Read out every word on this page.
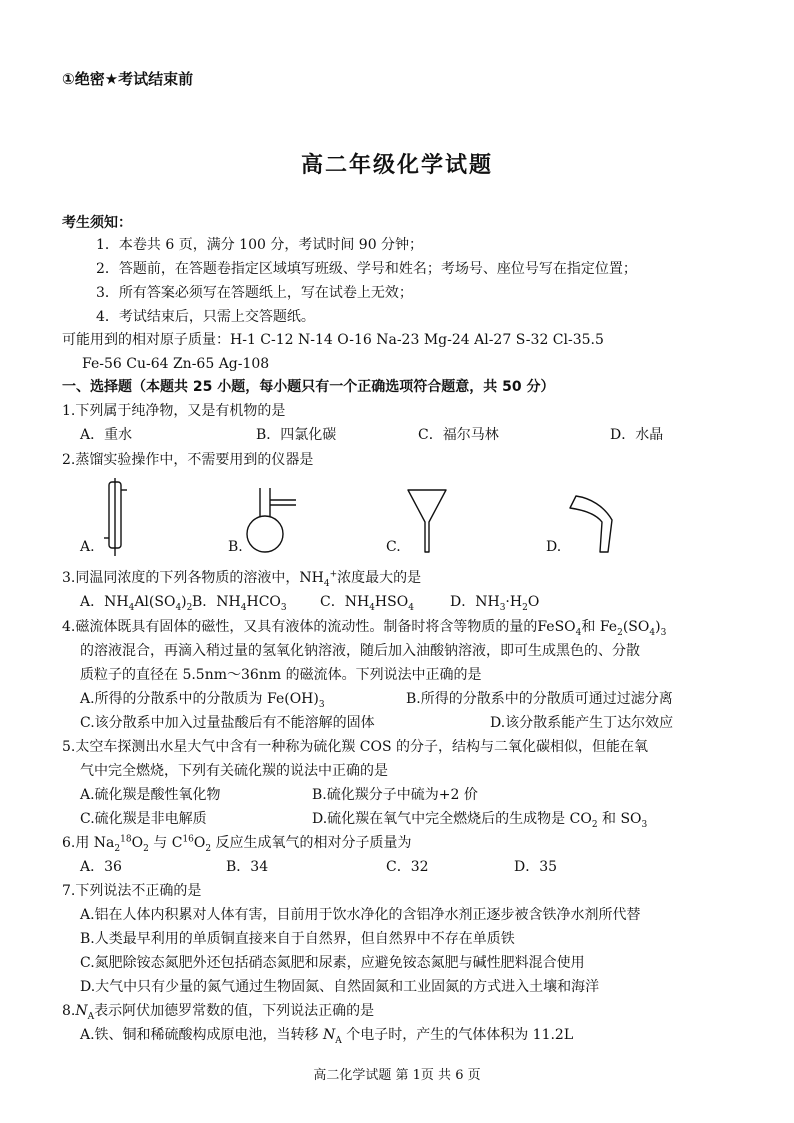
①绝密★考试结束前
高二年级化学试题
考生须知：
1．本卷共 6 页，满分 100 分，考试时间 90 分钟；
2．答题前，在答题卷指定区域填写班级、学号和姓名；考场号、座位号写在指定位置；
3．所有答案必须写在答题纸上，写在试卷上无效；
4．考试结束后，只需上交答题纸。
可能用到的相对原子质量：H-1 C-12 N-14 O-16 Na-23 Mg-24 Al-27 S-32 Cl-35.5
Fe-56 Cu-64 Zn-65 Ag-108
一、选择题（本题共 25 小题，每小题只有一个正确选项符合题意，共 50 分）
1.下列属于纯净物，又是有机物的是
A．重水	B．四氯化碳	C．福尔马林	D．水晶
2.蒸馏实验操作中，不需要用到的仪器是
A.	B.	C.	D.
3.同温同浓度的下列各物质的溶液中，$NH_4^+$浓度最大的是
A．$NH_4Al(SO_4)_2$ B．$NH_4HCO_3$ C．$NH_4HSO_4$	D．$NH_3\cdot H_2O$
4.磁流体既具有固体的磁性，又具有液体的流动性。制备时将含等物质的量的FeSO$_4$和 $Fe_2(SO_4)_3$
的溶液混合，再滴入稍过量的氢氧化钠溶液，随后加入油酸钠溶液，即可生成黑色的、分散
质粒子的直径在 5.5nm～36nm 的磁流体。下列说法中正确的是
A.所得的分散系中的分散质为 $Fe(OH)_3$	B.所得的分散系中的分散质可通过过滤分离
C.该分散系中加入过量盐酸后有不能溶解的固体	D.该分散系能产生丁达尔效应
5.太空车探测出水星大气中含有一种称为硫化羰 COS 的分子，结构与二氧化碳相似，但能在氧
气中完全燃烧，下列有关硫化羰的说法中正确的是
A.硫化羰是酸性氧化物	B.硫化羰分子中硫为+2 价
C.硫化羰是非电解质	D.硫化羰在氧气中完全燃烧后的生成物是 $CO_2$ 和 $SO_3$
6.用 $Na_2^{18}O_2$ 与 $C^{16}O_2$ 反应生成氧气的相对分子质量为
A．36	B．34	C．32	D．35
7.下列说法不正确的是
A.铝在人体内积累对人体有害，目前用于饮水净化的含铝净水剂正逐步被含铁净水剂所代替
B.人类最早利用的单质铜直接来自于自然界，但自然界中不存在单质铁
C.氮肥除铵态氮肥外还包括硝态氮肥和尿素，应避免铵态氮肥与碱性肥料混合使用
D.大气中只有少量的氮气通过生物固氮、自然固氮和工业固氮的方式进入土壤和海洋
$8.N_A$表示阿伏加德罗常数的值，下列说法正确的是
A.铁、铜和稀硫酸构成原电池，当转移 $N_A$ 个电子时，产生的气体体积为 11.2L
高二化学试题 第 1页 共 6 页
